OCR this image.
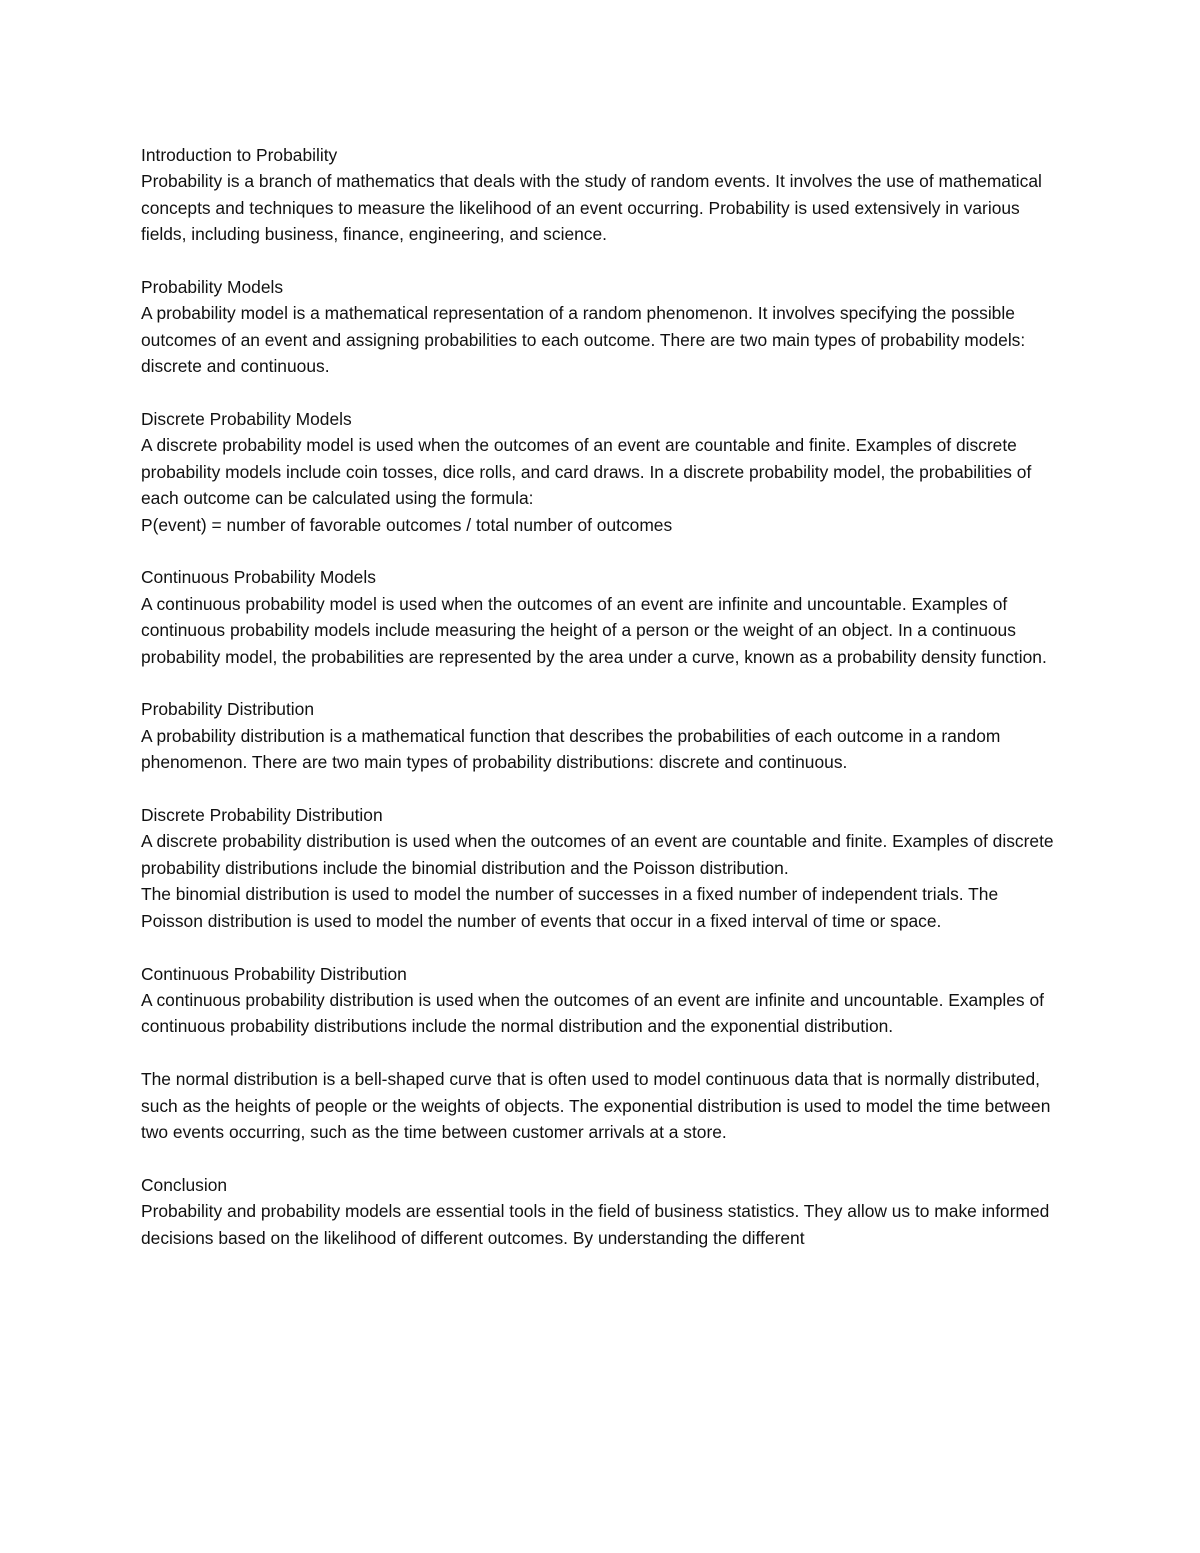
Introduction to Probability

Probability is a branch of mathematics that deals with the study of random events. It involves the use of mathematical concepts and techniques to measure the likelihood of an event occurring. Probability is used extensively in various fields, including business, finance, engineering, and science.

Probability Models

A probability model is a mathematical representation of a random phenomenon. It involves specifying the possible outcomes of an event and assigning probabilities to each outcome. There are two main types of probability models: discrete and continuous.

Discrete Probability Models

A discrete probability model is used when the outcomes of an event are countable and finite. Examples of discrete probability models include coin tosses, dice rolls, and card draws. In a discrete probability model, the probabilities of each outcome can be calculated using the formula:

P(event) = number of favorable outcomes / total number of outcomes

Continuous Probability Models

A continuous probability model is used when the outcomes of an event are infinite and uncountable. Examples of continuous probability models include measuring the height of a person or the weight of an object. In a continuous probability model, the probabilities are represented by the area under a curve, known as a probability density function.

Probability Distribution

A probability distribution is a mathematical function that describes the probabilities of each outcome in a random phenomenon. There are two main types of probability distributions: discrete and continuous.

Discrete Probability Distribution

A discrete probability distribution is used when the outcomes of an event are countable and finite. Examples of discrete probability distributions include the binomial distribution and the Poisson distribution.

The binomial distribution is used to model the number of successes in a fixed number of independent trials. The Poisson distribution is used to model the number of events that occur in a fixed interval of time or space.

Continuous Probability Distribution

A continuous probability distribution is used when the outcomes of an event are infinite and uncountable. Examples of continuous probability distributions include the normal distribution and the exponential distribution.

The normal distribution is a bell-shaped curve that is often used to model continuous data that is normally distributed, such as the heights of people or the weights of objects. The exponential distribution is used to model the time between two events occurring, such as the time between customer arrivals at a store.

Conclusion

Probability and probability models are essential tools in the field of business statistics. They allow us to make informed decisions based on the likelihood of different outcomes. By understanding the different
